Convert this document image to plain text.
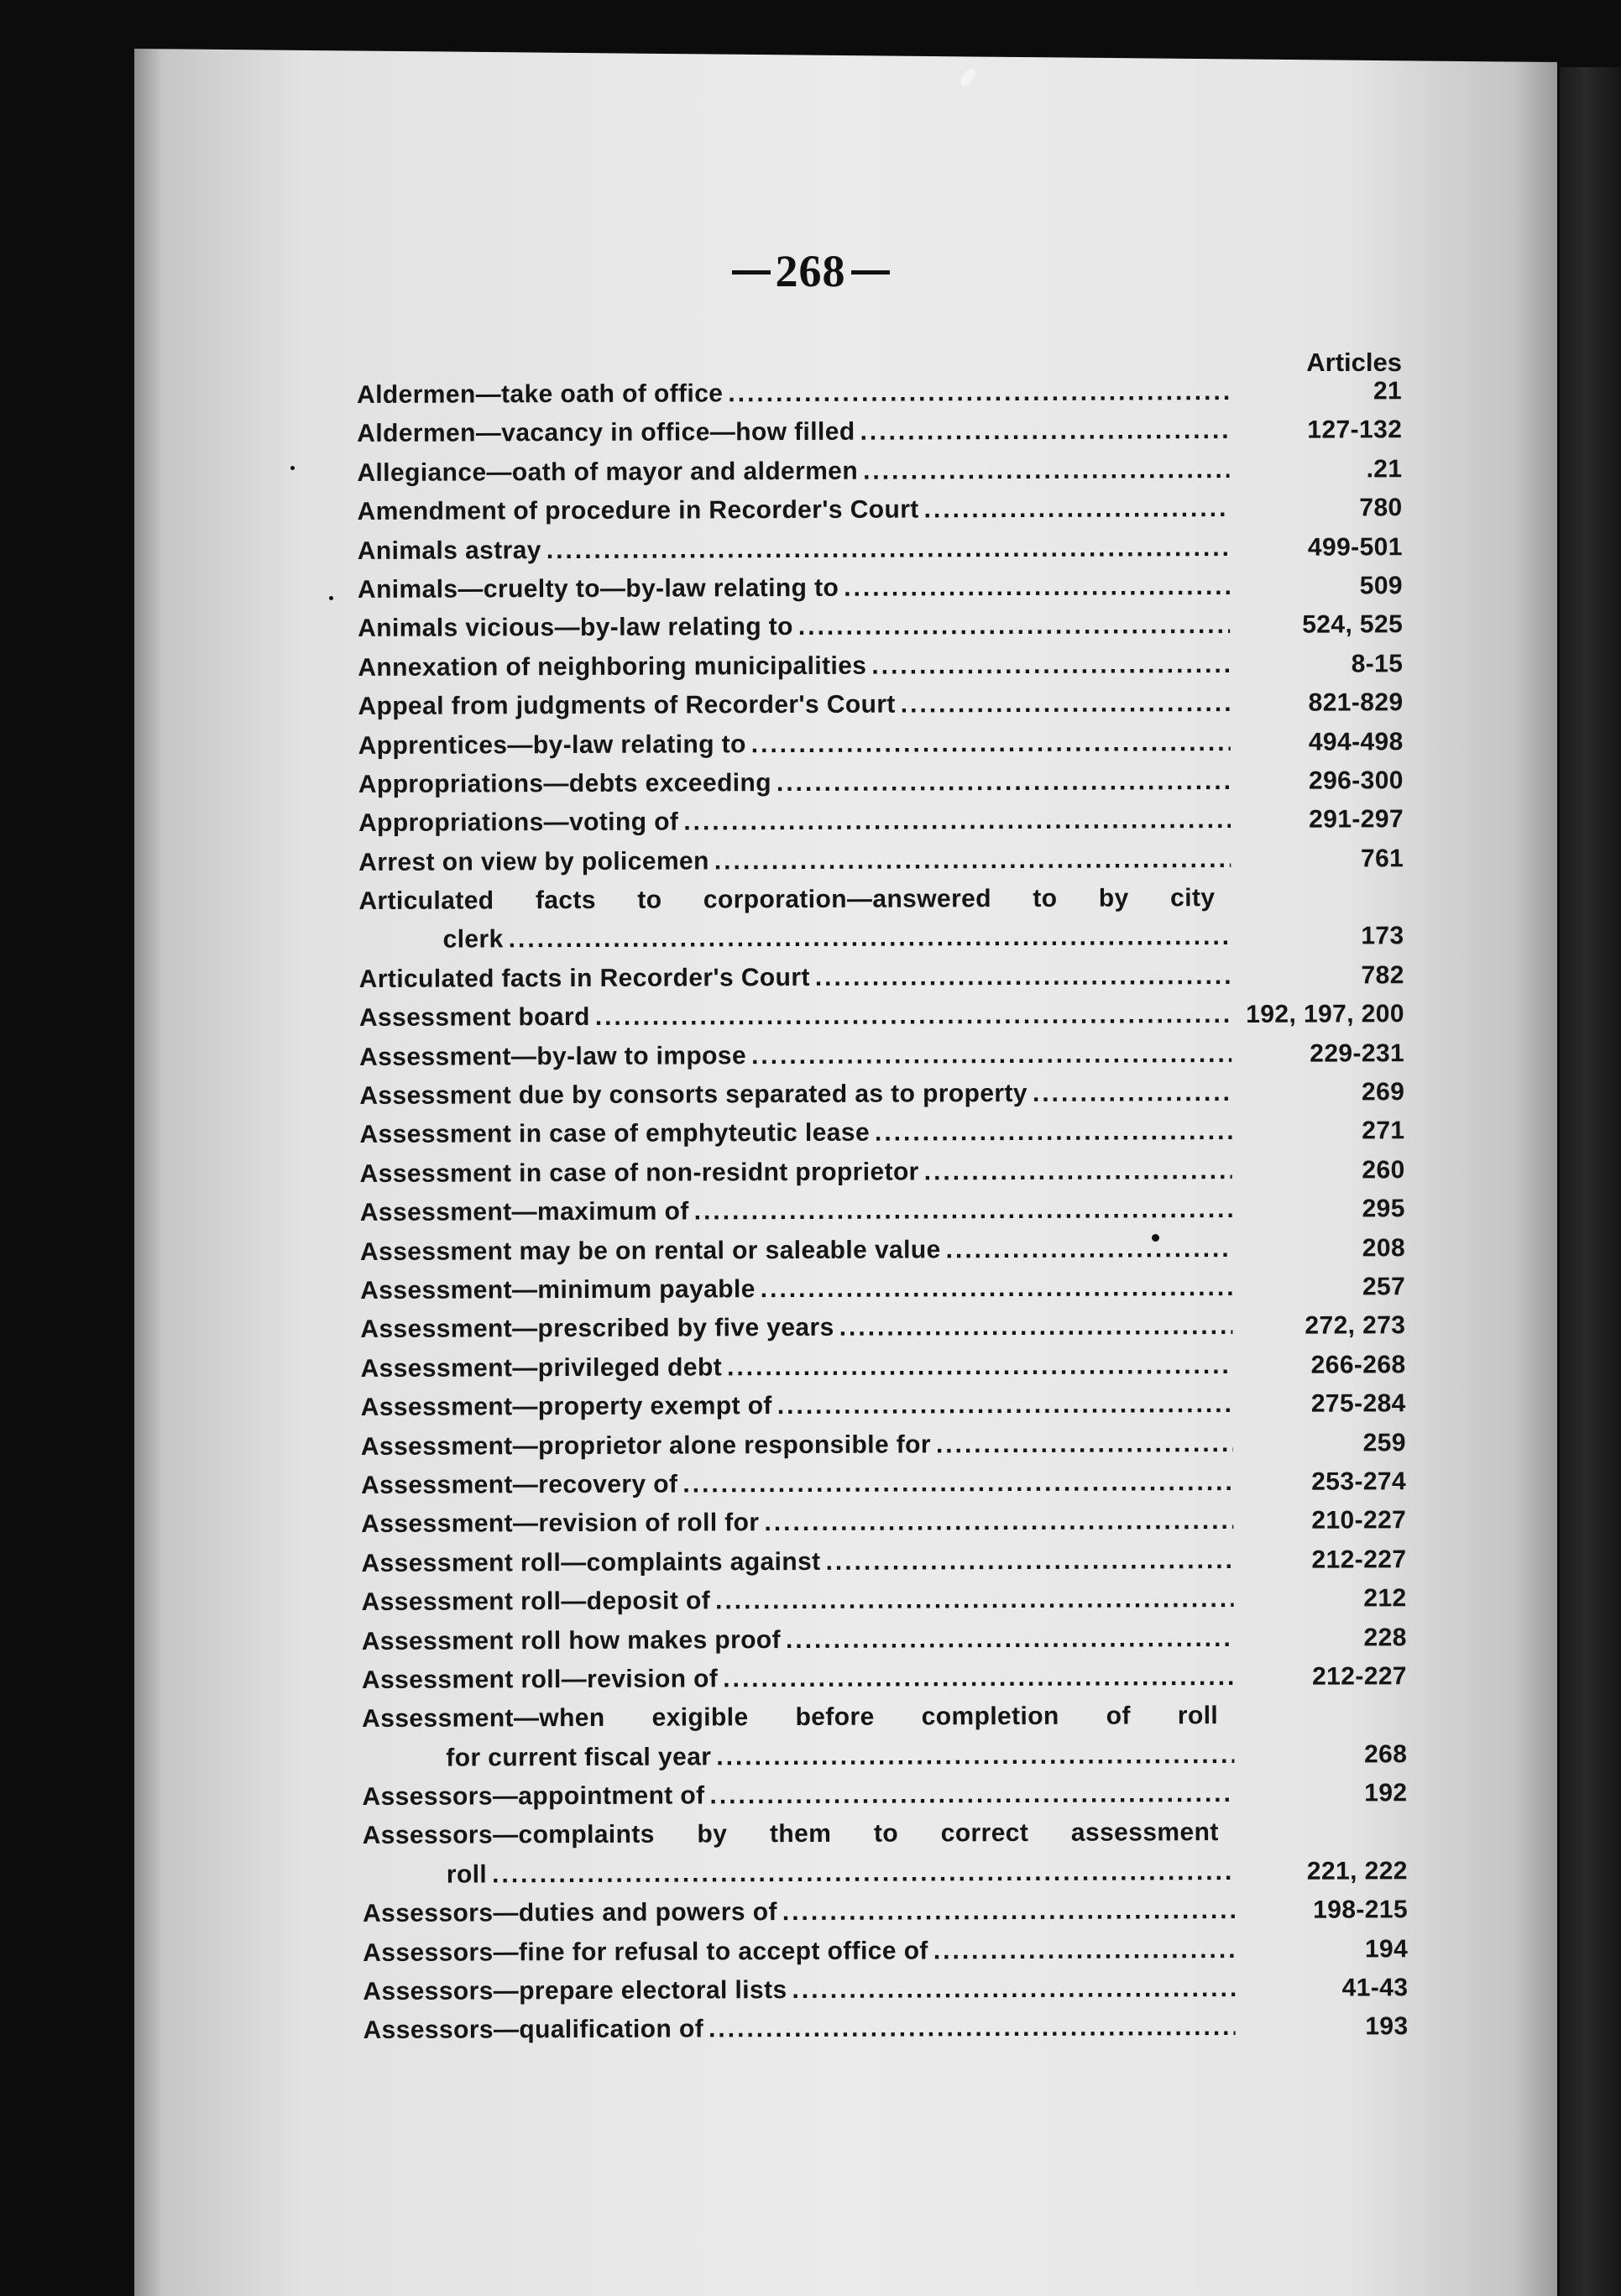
268
Articles
Aldermen—take oath of office .....	21
Aldermen—vacancy in office—how filled .....	127-132
Allegiance—oath of mayor and aldermen .....	.21
Amendment of procedure in Recorder's Court .....	780
Animals astray .....	499-501
Animals—cruelty to—by-law relating to .....	509
Animals vicious—by-law relating to .....	524, 525
Annexation of neighboring municipalities .....	8-15
Appeal from judgments of Recorder's Court .....	821-829
Apprentices—by-law relating to .....	494-498
Appropriations—debts exceeding .....	296-300
Appropriations—voting of .....	291-297
Arrest on view by policemen .....	761
Articulated facts to corporation—answered to by city
clerk .....	173
Articulated facts in Recorder's Court .....	782
Assessment board .....	192, 197, 200
Assessment—by-law to impose .....	229-231
Assessment due by consorts separated as to property .....	269
Assessment in case of emphyteutic lease .....	271
Assessment in case of non-residnt proprietor .....	260
Assessment—maximum of .....	295
Assessment may be on rental or saleable value .....	208
Assessment—minimum payable .....	257
Assessment—prescribed by five years .....	272, 273
Assessment—privileged debt .....	266-268
Assessment—property exempt of .....	275-284
Assessment—proprietor alone responsible for .....	259
Assessment—recovery of .....	253-274
Assessment—revision of roll for .....	210-227
Assessment roll—complaints against .....	212-227
Assessment roll—deposit of .....	212
Assessment roll how makes proof .....	228
Assessment roll—revision of .....	212-227
Assessment—when exigible before completion of roll
for current fiscal year .....	268
Assessors—appointment of .....	192
Assessors—complaints by them to correct assessment
roll .....	221, 222
Assessors—duties and powers of .....	198-215
Assessors—fine for refusal to accept office of .....	194
Assessors—prepare electoral lists .....	41-43
Assessors—qualification of .....	193
